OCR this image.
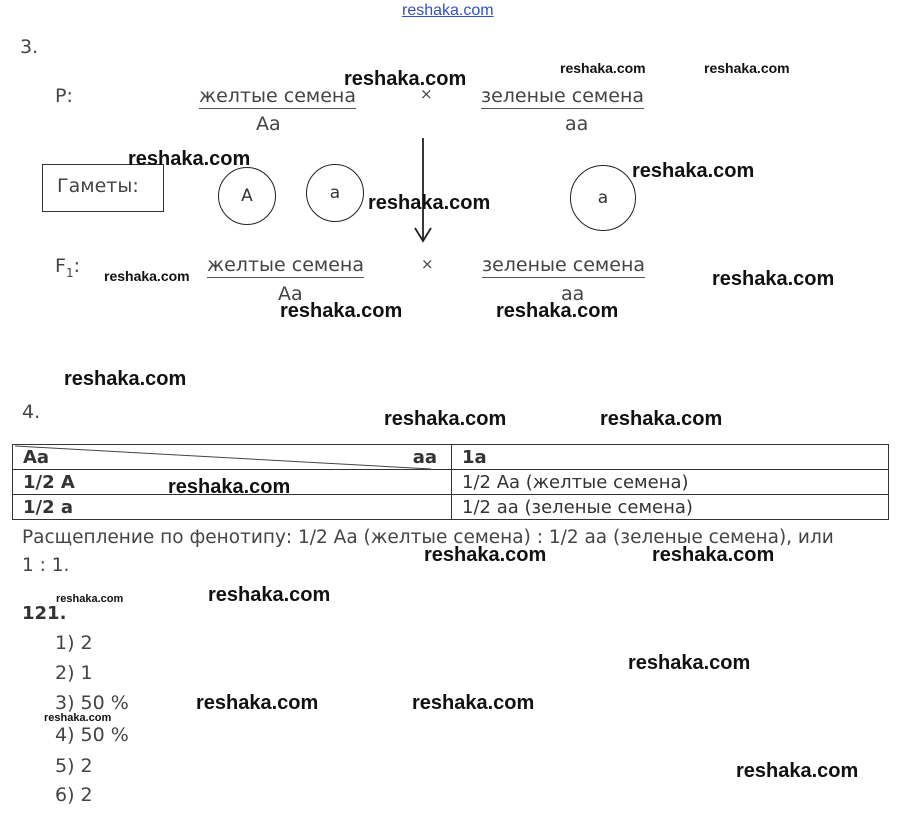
reshaka.com
3.
P:	желтые семена
Aa
×	зеленые семена
aa
Гаметы:	A	a	a
$F_1$:	желтые семена
Aa
×	зеленые семена
aa
4.
Aa aa	1a
1/2 A	1/2 Aa (желтые семена)
1/2 a	1/2 aa (зеленые семена)
Расщепление по фенотипу: 1/2 Aa (желтые семена) : 1/2 aa (зеленые семена), или
1 : 1.
121.
1) 2
2) 1
3) 50 %
4) 50 %
5) 2
6) 2
reshaka.com	reshaka.com	reshaka.com
reshaka.com
reshaka.com
reshaka.com
reshaka.com	reshaka.com
reshaka.com	reshaka.com
reshaka.com
reshaka.com	reshaka.com
reshaka.com
reshaka.com	reshaka.com
reshaka.com
reshaka.com
reshaka.com
reshaka.com	reshaka.com
reshaka.com
reshaka.com
